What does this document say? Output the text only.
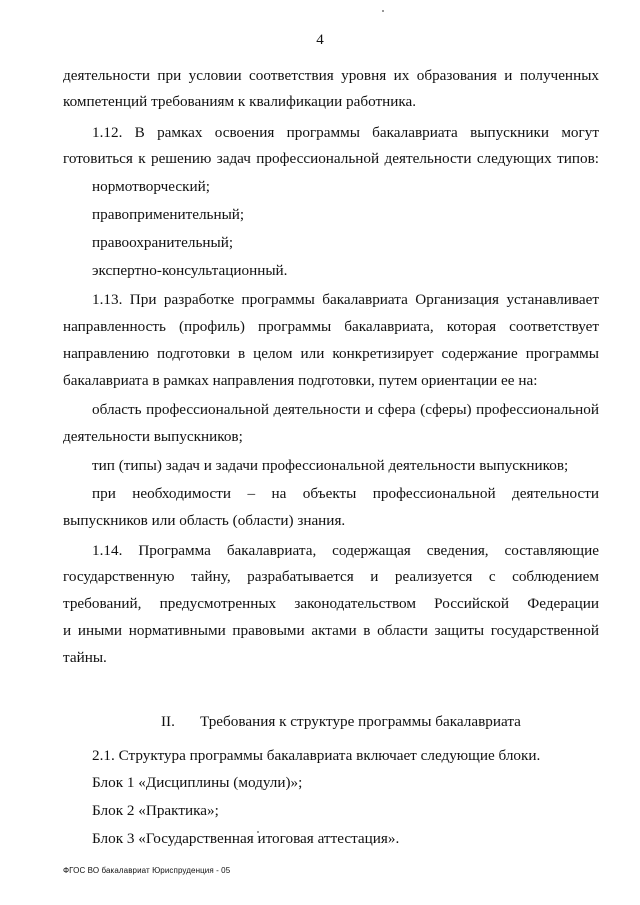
4
деятельности при условии соответствия уровня их образования и полученных
компетенций требованиям к квалификации работника.
1.12. В рамках освоения программы бакалавриата выпускники могут
готовиться к решению задач профессиональной деятельности следующих типов:
нормотворческий;
правоприменительный;
правоохранительный;
экспертно-консультационный.
1.13. При разработке программы бакалавриата Организация устанавливает
направленность (профиль) программы бакалавриата, которая соответствует
направлению подготовки в целом или конкретизирует содержание программы
бакалавриата в рамках направления подготовки, путем ориентации ее на:
область профессиональной деятельности и сфера (сферы) профессиональной
деятельности выпускников;
тип (типы) задач и задачи профессиональной деятельности выпускников;
при необходимости – на объекты профессиональной деятельности
выпускников или область (области) знания.
1.14. Программа бакалавриата, содержащая сведения, составляющие
государственную тайну, разрабатывается и реализуется с соблюдением
требований, предусмотренных законодательством Российской Федерации
и иными нормативными правовыми актами в области защиты государственной
тайны.
II. Требования к структуре программы бакалавриата
2.1. Структура программы бакалавриата включает следующие блоки.
Блок 1 «Дисциплины (модули)»;
Блок 2 «Практика»;
Блок 3 «Государственная итоговая аттестация».
ФГОС ВО бакалавриат Юриспруденция - 05
